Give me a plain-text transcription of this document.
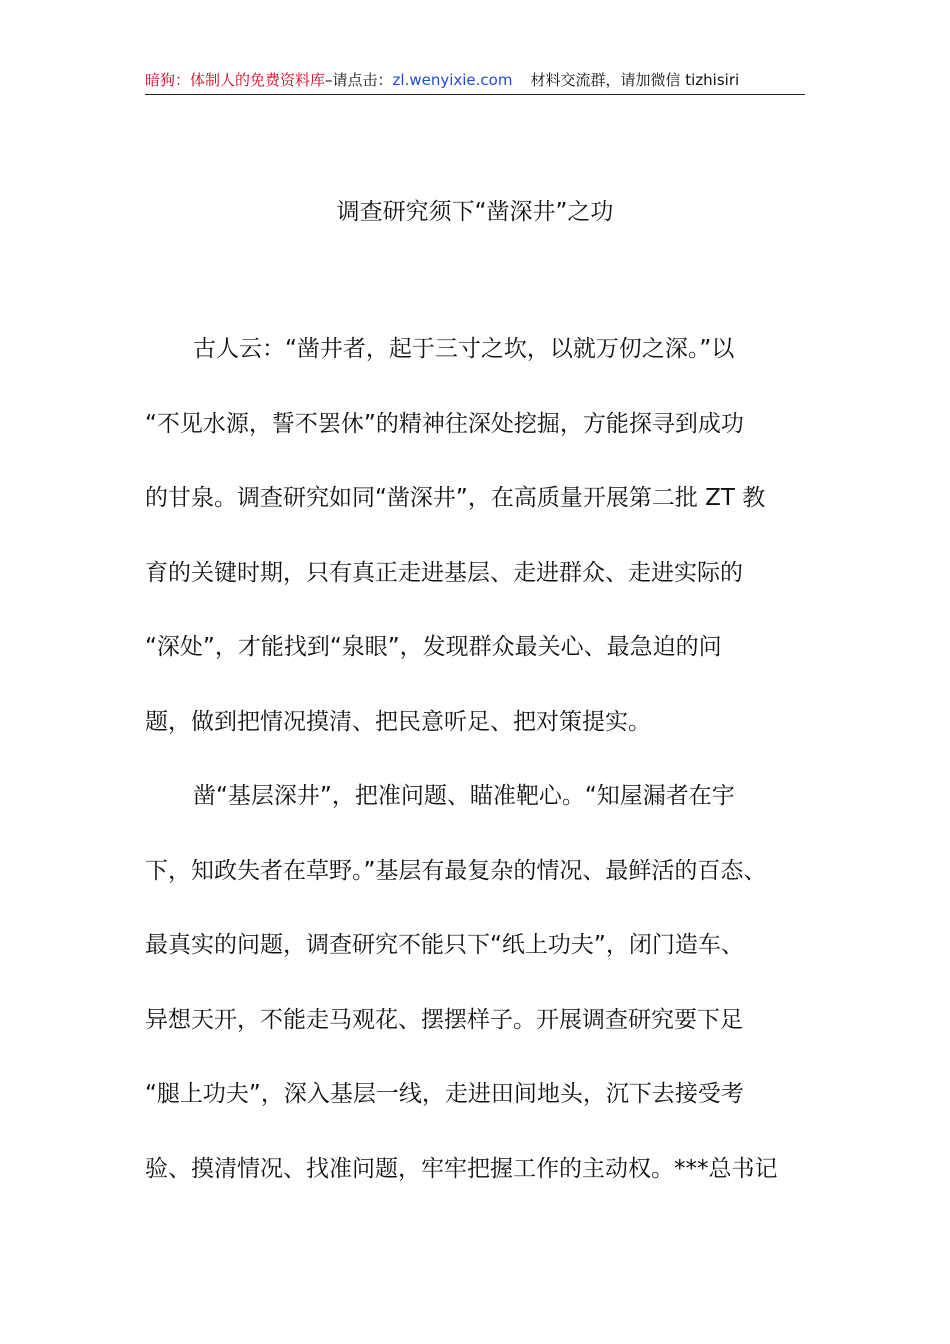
暗狗：体制人的免费资料库–请点击：zl.wenyixie.com 材料交流群，请加微信 tizhisiri
调查研究须下“凿深井”之功
古人云：“凿井者，起于三寸之坎，以就万仞之深。”以
“不见水源，誓不罢休”的精神往深处挖掘，方能探寻到成功
的甘泉。调查研究如同“凿深井”，在高质量开展第二批 ZT 教
育的关键时期，只有真正走进基层、走进群众、走进实际的
“深处”，才能找到“泉眼”，发现群众最关心、最急迫的问
题，做到把情况摸清、把民意听足、把对策提实。
凿“基层深井”，把准问题、瞄准靶心。“知屋漏者在宇
下，知政失者在草野。”基层有最复杂的情况、最鲜活的百态、
最真实的问题，调查研究不能只下“纸上功夫”，闭门造车、
异想天开，不能走马观花、摆摆样子。开展调查研究要下足
“腿上功夫”，深入基层一线，走进田间地头，沉下去接受考
验、摸清情况、找准问题，牢牢把握工作的主动权。***总书记
